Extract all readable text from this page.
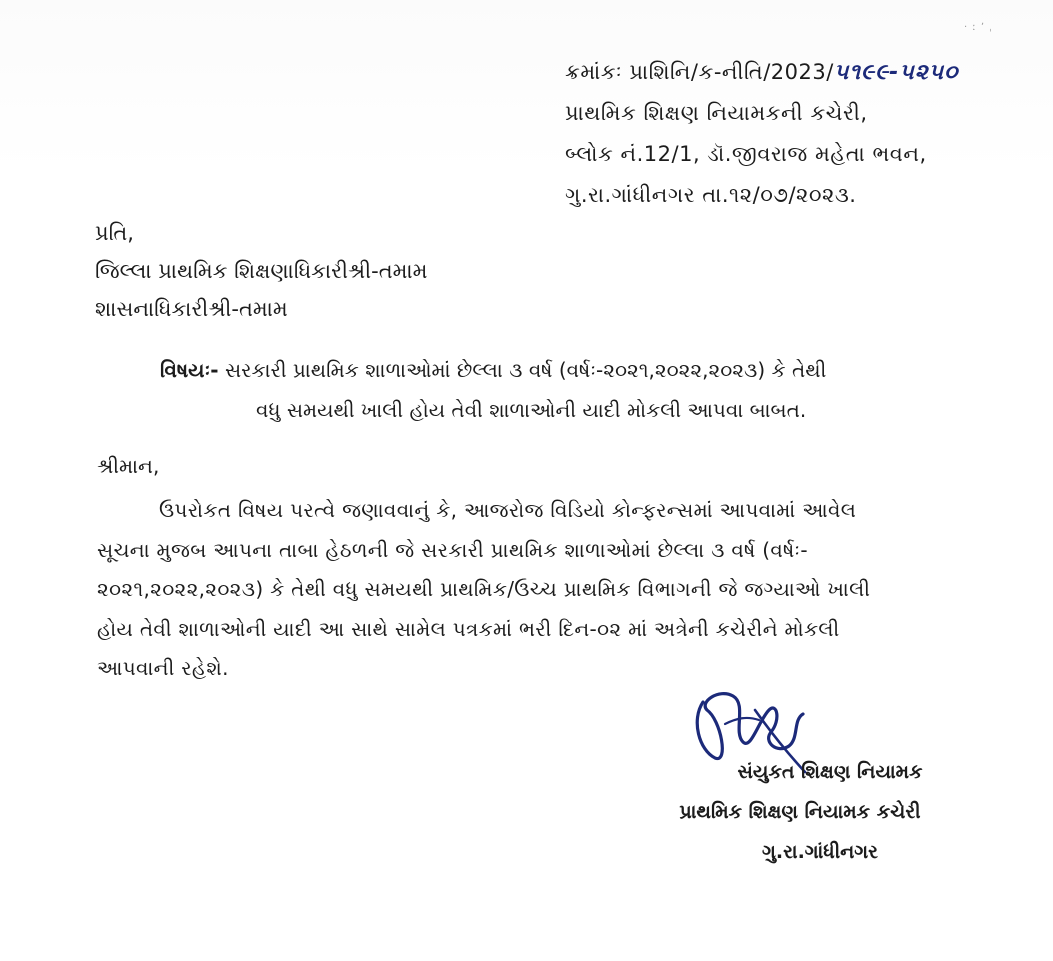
‧ ː ʼ ˌ
ક્રમાંકઃ પ્રાશિનિ/ક-નીતિ/2023/૫૧૯૯-૫૨૫૦
પ્રાથમિક શિક્ષણ નિયામકની કચેરી,
બ્લોક નં.12/1, ડૉ.જીવરાજ મહેતા ભવન,
ગુ.રા.ગાંધીનગર તા.૧૨/૦૭/૨૦૨૩.
પ્રતિ,
જિલ્લા પ્રાથમિક શિક્ષણાધિકારીશ્રી-તમામ
શાસનાધિકારીશ્રી-તમામ
વિષયઃ- સરકારી પ્રાથમિક શાળાઓમાં છેલ્લા ૩ વર્ષ (વર્ષઃ-૨૦૨૧,૨૦૨૨,૨૦૨૩) કે તેથી
વધુ સમયથી ખાલી હોય તેવી શાળાઓની યાદી મોકલી આપવા બાબત.
શ્રીમાન,
ઉપરોકત વિષય પરત્વે જણાવવાનું કે, આજરોજ વિડિયો કોન્ફરન્સમાં આપવામાં આવેલ
સૂચના મુજબ આપના તાબા હેઠળની જે સરકારી પ્રાથમિક શાળાઓમાં છેલ્લા ૩ વર્ષ (વર્ષઃ-
૨૦૨૧,૨૦૨૨,૨૦૨૩) કે તેથી વધુ સમયથી પ્રાથમિક/ઉચ્ચ પ્રાથમિક વિભાગની જે જગ્યાઓ ખાલી
હોય તેવી શાળાઓની યાદી આ સાથે સામેલ પત્રકમાં ભરી દિન-૦૨ માં અત્રેની કચેરીને મોકલી
આપવાની રહેશે.
સંયુકત શિક્ષણ નિયામક
પ્રાથમિક શિક્ષણ નિયામક કચેરી
ગુ.રા.ગાંધીનગર
